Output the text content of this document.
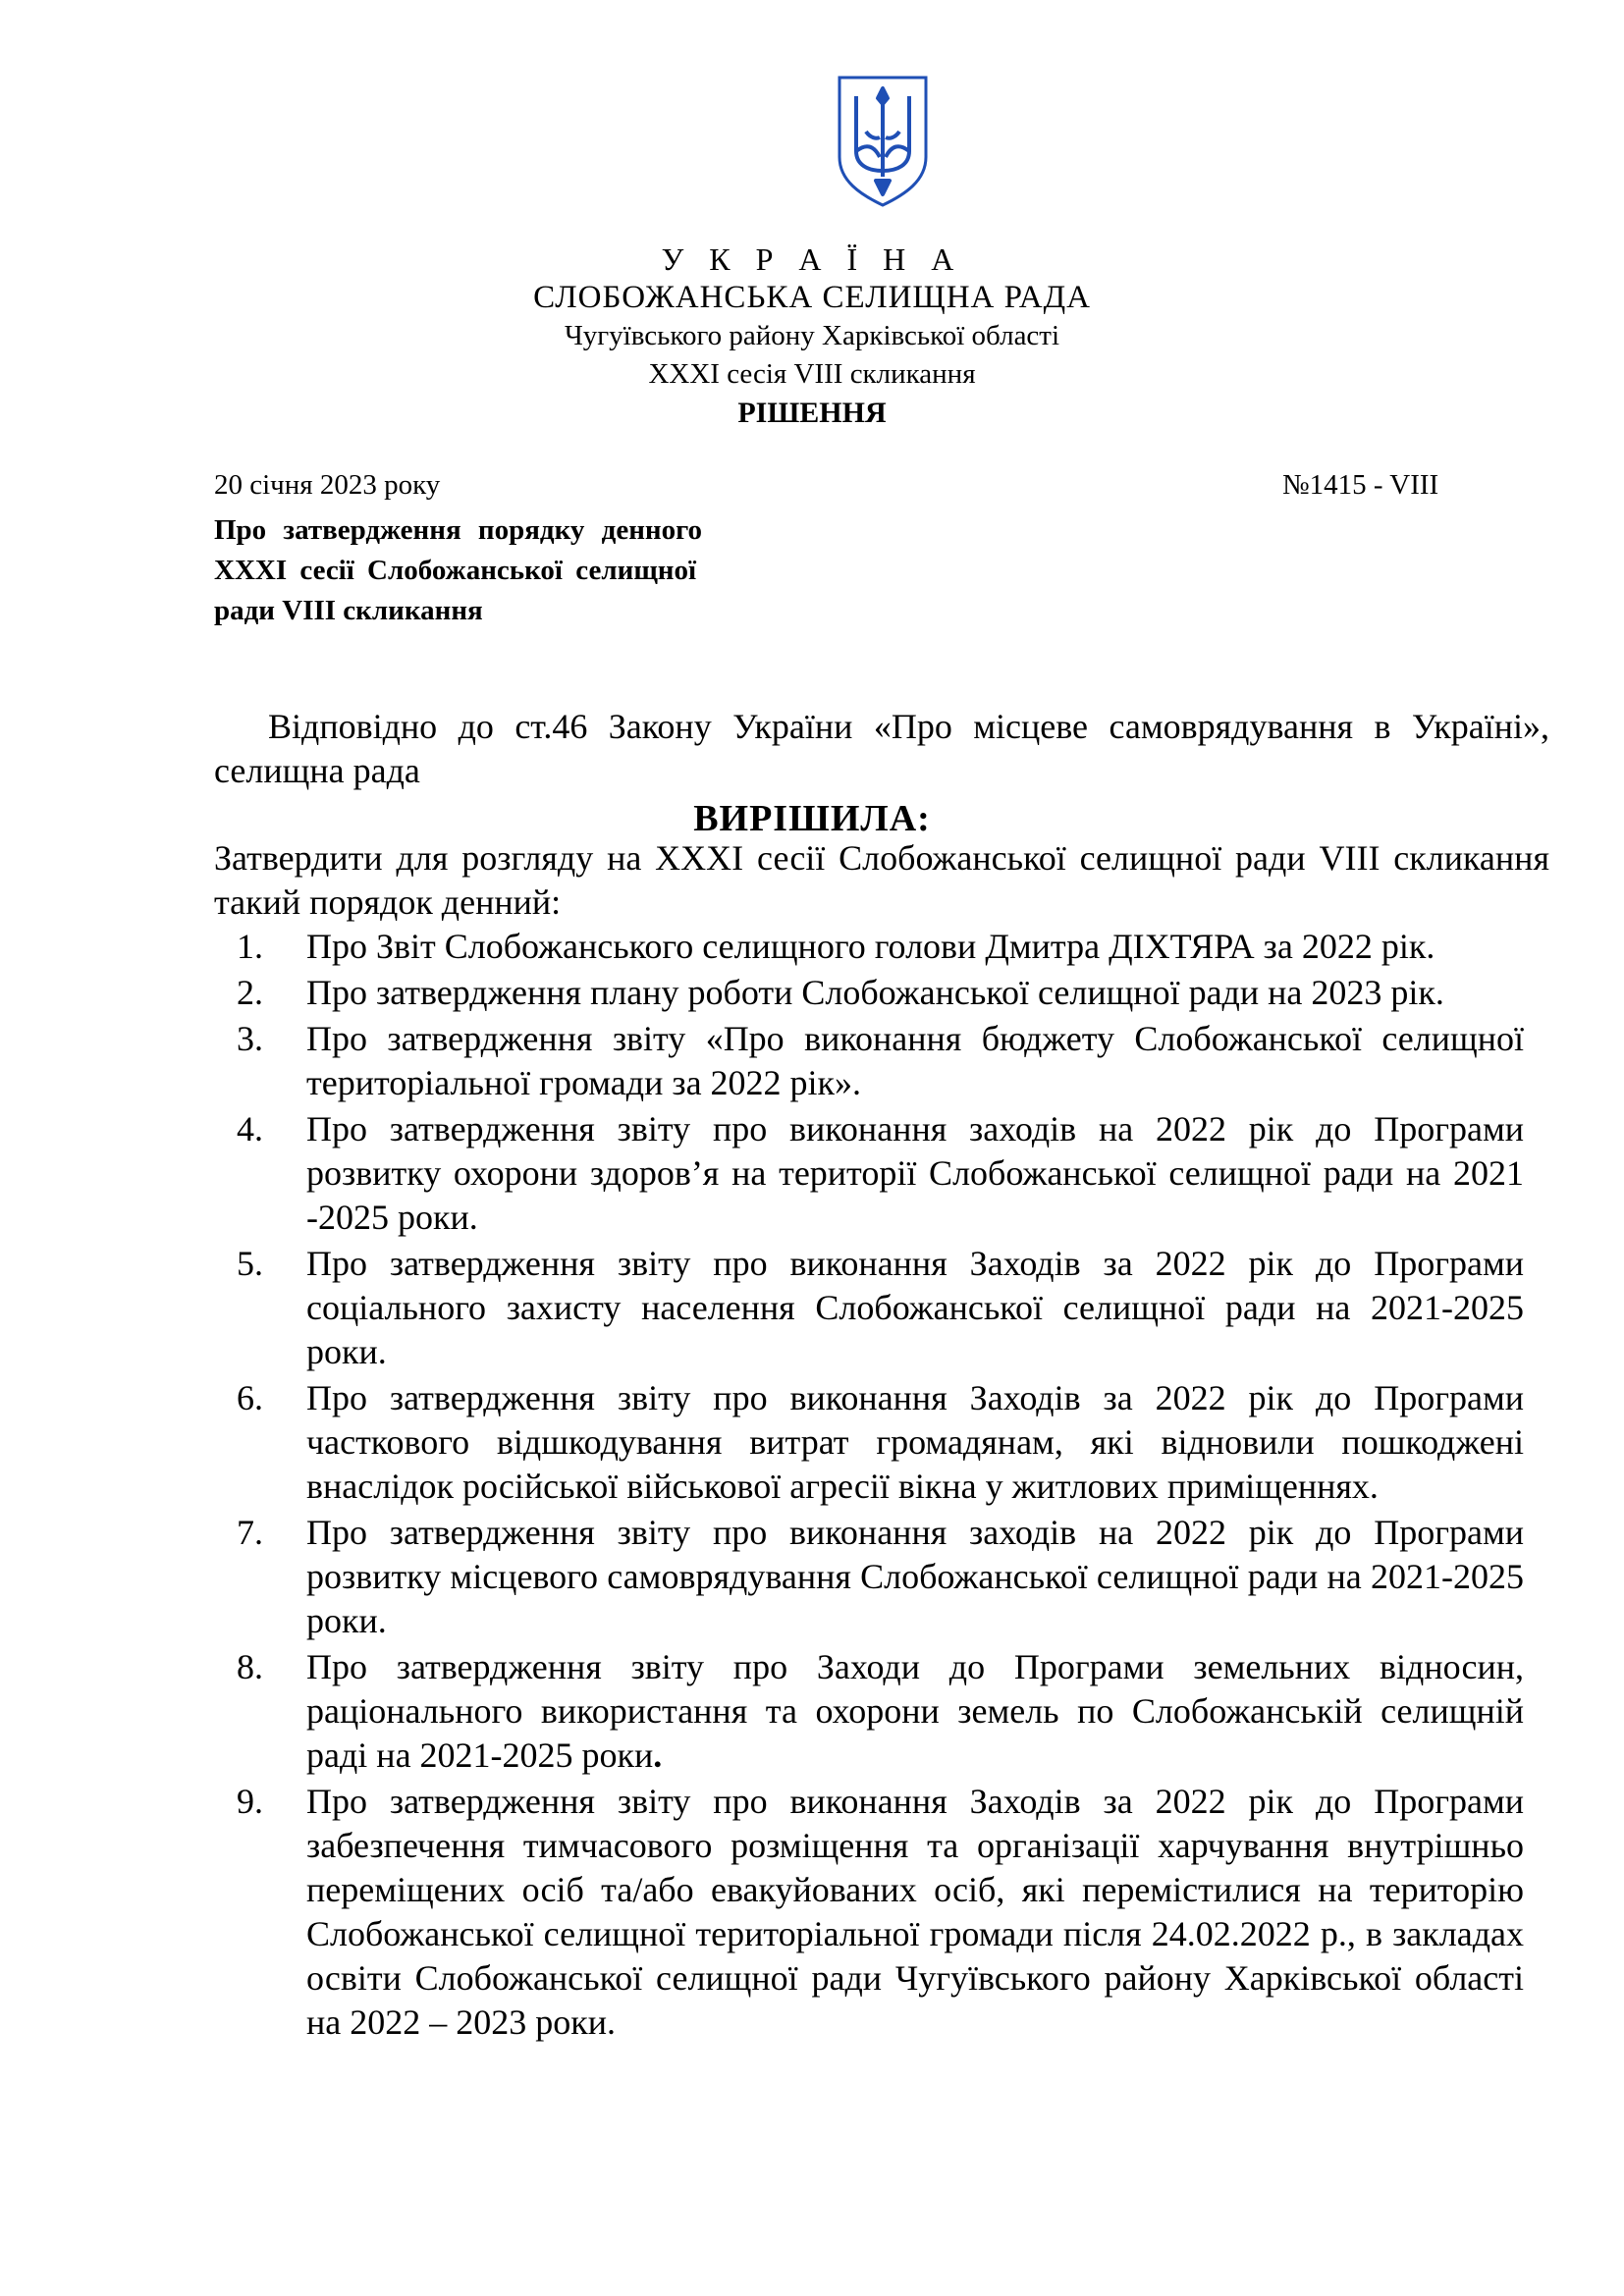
У К Р А Ї Н А
СЛОБОЖАНСЬКА СЕЛИЩНА РАДА
Чугуївського району Харківської області
XXXI сесія VIII скликання
РІШЕННЯ
20 січня 2023 року	№1415 - VIII
Про затвердження порядку денного
XXXI сесії Слобожанської селищної
ради VIII скликання
Відповідно до ст.46 Закону України «Про місцеве самоврядування в Україні», селищна рада
ВИРІШИЛА:
Затвердити для розгляду на XXXI сесії Слобожанської селищної ради VIII скликання такий порядок денний:
1. Про Звіт Слобожанського селищного голови Дмитра ДІХТЯРА за 2022 рік.
2. Про затвердження плану роботи Слобожанської селищної ради на 2023 рік.
3. Про затвердження звіту «Про виконання бюджету Слобожанської селищної територіальної громади за 2022 рік».
4. Про затвердження звіту про виконання заходів на 2022 рік до Програми розвитку охорони здоров’я на території Слобожанської селищної ради на 2021 -2025 роки.
5. Про затвердження звіту про виконання Заходів за 2022 рік до Програми соціального захисту населення Слобожанської селищної ради на 2021-2025 роки.
6. Про затвердження звіту про виконання Заходів за 2022 рік до Програми часткового відшкодування витрат громадянам, які відновили пошкоджені внаслідок російської військової агресії вікна у житлових приміщеннях.
7. Про затвердження звіту про виконання заходів на 2022 рік до Програми розвитку місцевого самоврядування Слобожанської селищної ради на 2021-2025 роки.
8. Про затвердження звіту про Заходи до Програми земельних відносин, раціонального використання та охорони земель по Слобожанській селищній раді на 2021-2025 роки.
9. Про затвердження звіту про виконання Заходів за 2022 рік до Програми забезпечення тимчасового розміщення та організації харчування внутрішньо переміщених осіб та/або евакуйованих осіб, які перемістилися на територію Слобожанської селищної територіальної громади після 24.02.2022 р., в закладах освіти Слобожанської селищної ради Чугуївського району Харківської області на 2022 – 2023 роки.
